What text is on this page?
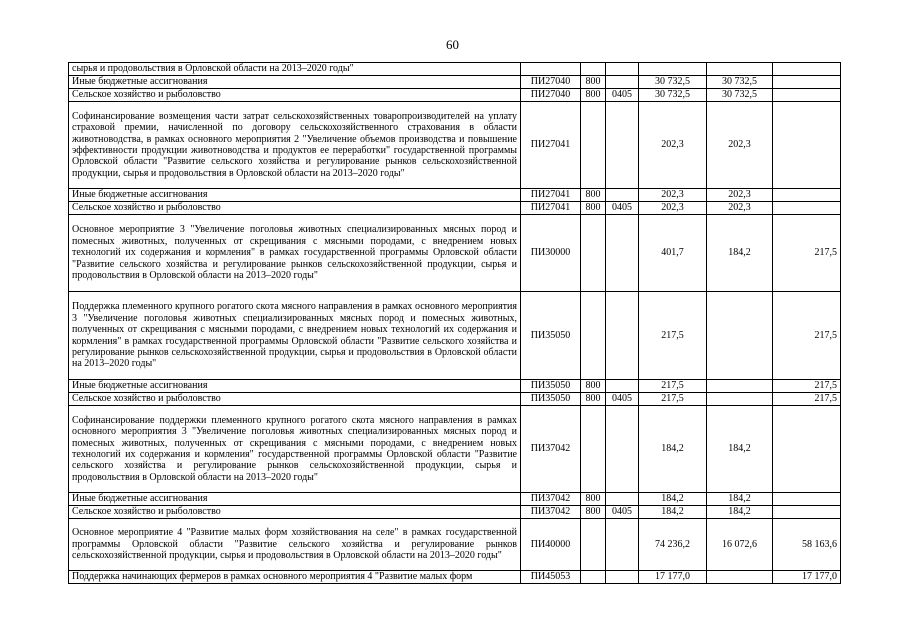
60
сырья и продовольствия в Орловской области на 2013–2020 годы"						
Иные бюджетные ассигнования	ПИ27040	800		30 732,5	30 732,5	
Сельское хозяйство и рыболовство	ПИ27040	800	0405	30 732,5	30 732,5	
Софинансирование возмещения части затрат сельскохозяйственных товаропроизводителей на уплату страховой премии, начисленной по договору сельскохозяйственного страхования в области животноводства, в рамках основного мероприятия 2 "Увеличение объемов производства и повышение эффективности продукции животноводства и продуктов ее переработки" государственной программы Орловской области "Развитие сельского хозяйства и регулирование рынков сельскохозяйственной продукции, сырья и продовольствия в Орловской области на 2013–2020 годы"	ПИ27041			202,3	202,3	
Иные бюджетные ассигнования	ПИ27041	800		202,3	202,3	
Сельское хозяйство и рыболовство	ПИ27041	800	0405	202,3	202,3	
Основное мероприятие 3 "Увеличение поголовья животных специализированных мясных пород и помесных животных, полученных от скрещивания с мясными породами, с внедрением новых технологий их содержания и кормления" в рамках государственной программы Орловской области "Развитие сельского хозяйства и регулирование рынков сельскохозяйственной продукции, сырья и продовольствия в Орловской области на 2013–2020 годы"	ПИ30000			401,7	184,2	217,5
Поддержка племенного крупного рогатого скота мясного направления в рамках основного мероприятия 3 "Увеличение поголовья животных специализированных мясных пород и помесных животных, полученных от скрещивания с мясными породами, с внедрением новых технологий их содержания и кормления" в рамках государственной программы Орловской области "Развитие сельского хозяйства и регулирование рынков сельскохозяйственной продукции, сырья и продовольствия в Орловской области на 2013–2020 годы"	ПИ35050			217,5		217,5
Иные бюджетные ассигнования	ПИ35050	800		217,5		217,5
Сельское хозяйство и рыболовство	ПИ35050	800	0405	217,5		217,5
Софинансирование поддержки племенного крупного рогатого скота мясного направления в рамках основного мероприятия 3 "Увеличение поголовья животных специализированных мясных пород и помесных животных, полученных от скрещивания с мясными породами, с внедрением новых технологий их содержания и кормления" государственной программы Орловской области "Развитие сельского хозяйства и регулирование рынков сельскохозяйственной продукции, сырья и продовольствия в Орловской области на 2013–2020 годы"	ПИ37042			184,2	184,2	
Иные бюджетные ассигнования	ПИ37042	800		184,2	184,2	
Сельское хозяйство и рыболовство	ПИ37042	800	0405	184,2	184,2	
Основное мероприятие 4 "Развитие малых форм хозяйствования на селе" в рамках государственной программы Орловской области "Развитие сельского хозяйства и регулирование рынков сельскохозяйственной продукции, сырья и продовольствия в Орловской области на 2013–2020 годы"	ПИ40000			74 236,2	16 072,6	58 163,6
Поддержка начинающих фермеров в рамках основного мероприятия 4 "Развитие малых форм	ПИ45053			17 177,0		17 177,0
